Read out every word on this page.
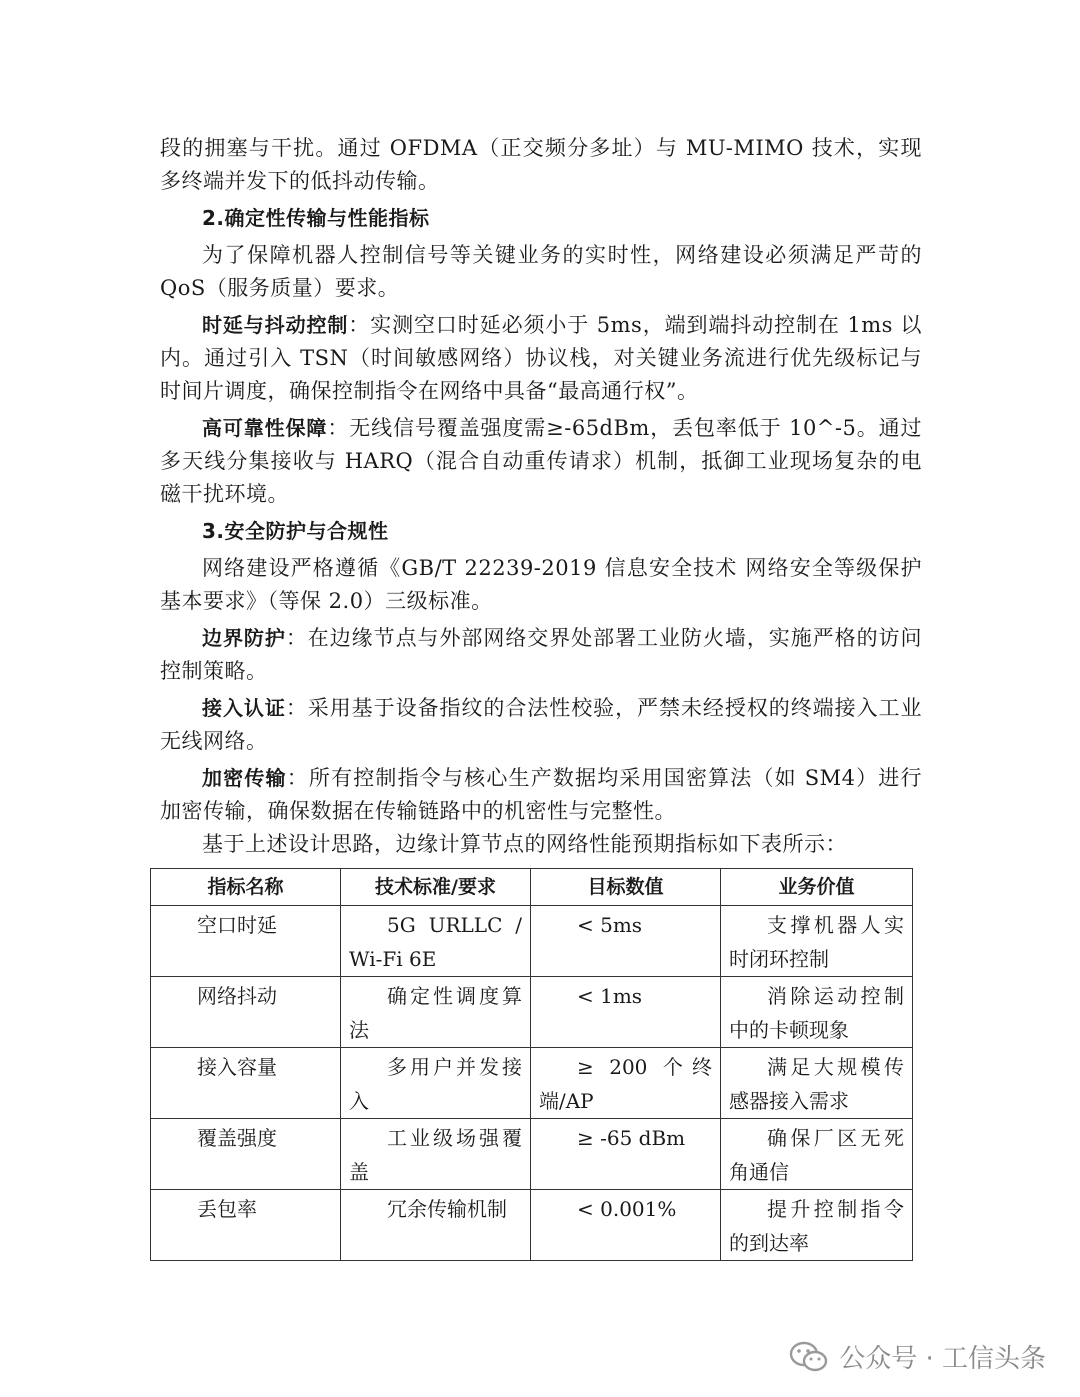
段的拥塞与干扰。通过 OFDMA（正交频分多址）与 MU-MIMO 技术，实现多终端并发下的低抖动传输。

2.确定性传输与性能指标

为了保障机器人控制信号等关键业务的实时性，网络建设必须满足严苛的 QoS（服务质量）要求。

时延与抖动控制：实测空口时延必须小于 5ms，端到端抖动控制在 1ms 以内。通过引入 TSN（时间敏感网络）协议栈，对关键业务流进行优先级标记与时间片调度，确保控制指令在网络中具备“最高通行权”。

高可靠性保障：无线信号覆盖强度需≥-65dBm，丢包率低于 10^-5。通过多天线分集接收与 HARQ（混合自动重传请求）机制，抵御工业现场复杂的电磁干扰环境。

3.安全防护与合规性

网络建设严格遵循《GB/T 22239-2019 信息安全技术 网络安全等级保护基本要求》（等保 2.0）三级标准。

边界防护：在边缘节点与外部网络交界处部署工业防火墙，实施严格的访问控制策略。

接入认证：采用基于设备指纹的合法性校验，严禁未经授权的终端接入工业无线网络。

加密传输：所有控制指令与核心生产数据均采用国密算法（如 SM4）进行加密传输，确保数据在传输链路中的机密性与完整性。

基于上述设计思路，边缘计算节点的网络性能预期指标如下表所示：

指标名称	技术标准/要求	目标数值	业务价值

空口时延	5G URLLC / Wi-Fi 6E	< 5ms	支撑机器人实时闭环控制

网络抖动	确定性调度算法	< 1ms	消除运动控制中的卡顿现象

接入容量	多用户并发接入	≥ 200 个终端/AP	满足大规模传感器接入需求

覆盖强度	工业级场强覆盖	≥ -65 dBm	确保厂区无死角通信

丢包率	冗余传输机制	< 0.001%	提升控制指令的到达率
公众号 · 工信头条
